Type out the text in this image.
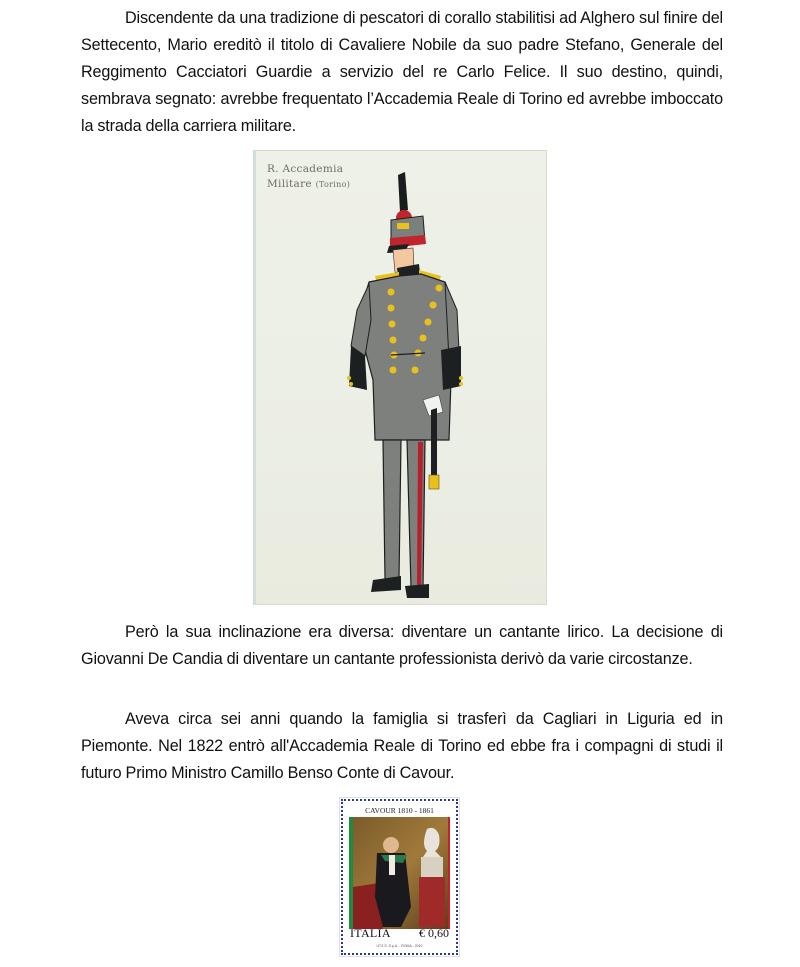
Discendente da una tradizione di pescatori di corallo stabilitisi ad Alghero sul finire del Settecento, Mario ereditò il titolo di Cavaliere Nobile da suo padre Stefano, Generale del Reggimento Cacciatori Guardie a servizio del re Carlo Felice. Il suo destino, quindi, sembrava segnato: avrebbe frequentato l’Accademia Reale di Torino ed avrebbe imboccato la strada della carriera militare.

R. Accademia
Militare (Torino)

Però la sua inclinazione era diversa: diventare un cantante lirico. La decisione di Giovanni De Candia di diventare un cantante professionista derivò da varie circostanze.

Aveva circa sei anni quando la famiglia si trasferì da Cagliari in Liguria ed in Piemonte. Nel 1822 entrò all'Accademia Reale di Torino ed ebbe fra i compagni di studi il futuro Primo Ministro Camillo Benso Conte di Cavour.

CAVOUR 1810 - 1861
ITALIA € 0,60
I.P.Z.S. S.p.A. - ROMA - 2010
